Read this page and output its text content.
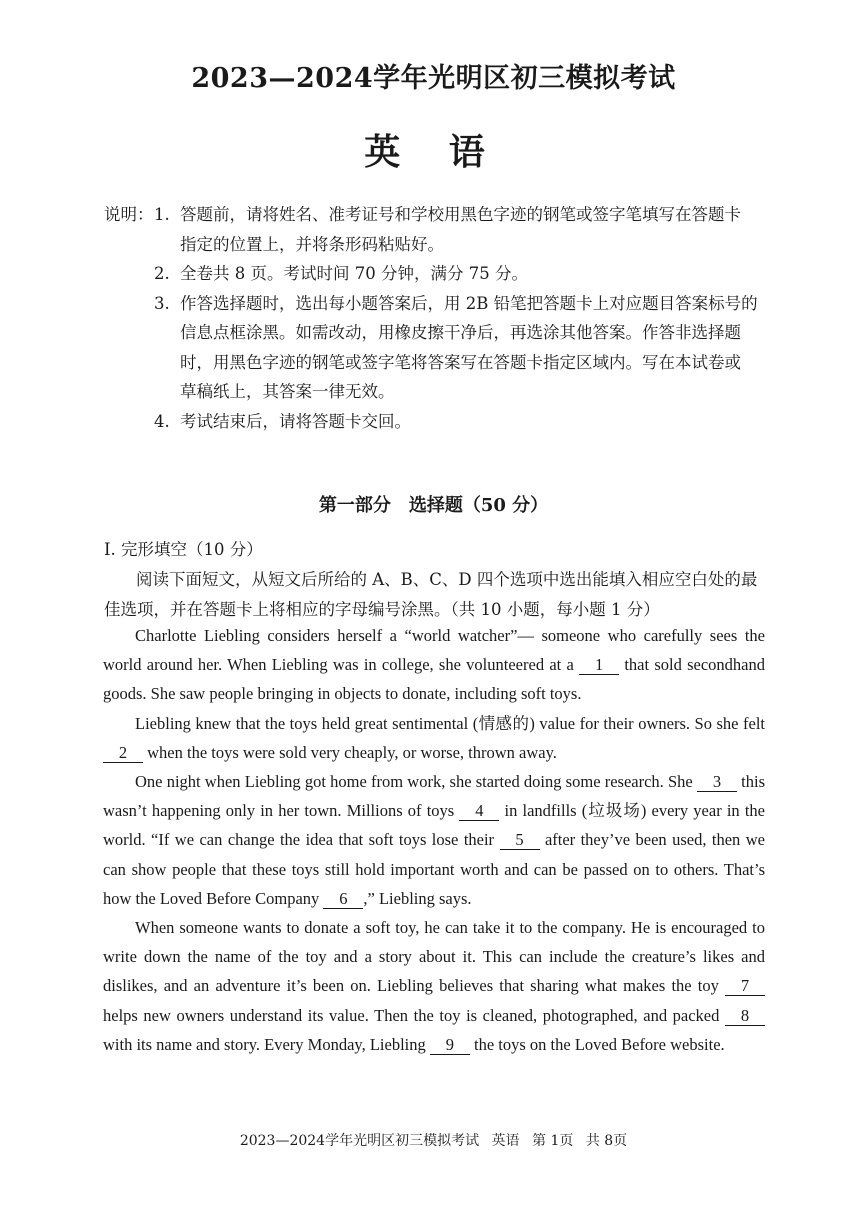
2023—2024学年光明区初三模拟考试
英 语
说明： 1. 答题前，请将姓名、准考证号和学校用黑色字迹的钢笔或签字笔填写在答题卡
指定的位置上，并将条形码粘贴好。
2. 全卷共 8 页。考试时间 70 分钟，满分 75 分。
3. 作答选择题时，选出每小题答案后，用 2B 铅笔把答题卡上对应题目答案标号的
信息点框涂黑。如需改动，用橡皮擦干净后，再选涂其他答案。作答非选择题
时，用黑色字迹的钢笔或签字笔将答案写在答题卡指定区域内。写在本试卷或
草稿纸上，其答案一律无效。
4. 考试结束后，请将答题卡交回。
第一部分　选择题（50 分）
I. 完形填空（10 分）
阅读下面短文，从短文后所给的 A、B、C、D 四个选项中选出能填入相应空白处的最佳选项，并在答题卡上将相应的字母编号涂黑。（共 10 小题，每小题 1 分）

Charlotte Liebling considers herself a “world watcher”— someone who carefully sees the world around her. When Liebling was in college, she volunteered at a 1 that sold secondhand goods. She saw people bringing in objects to donate, including soft toys.

Liebling knew that the toys held great sentimental (情感的) value for their owners. So she felt 2 when the toys were sold very cheaply, or worse, thrown away.

One night when Liebling got home from work, she started doing some research. She 3 this wasn’t happening only in her town. Millions of toys 4 in landfills (垃圾场) every year in the world. “If we can change the idea that soft toys lose their 5 after they’ve been used, then we can show people that these toys still hold important worth and can be passed on to others. That’s how the Loved Before Company 6 ,” Liebling says.

When someone wants to donate a soft toy, he can take it to the company. He is encouraged to write down the name of the toy and a story about it. This can include the creature’s likes and dislikes, and an adventure it’s been on. Liebling believes that sharing what makes the toy 7 helps new owners understand its value. Then the toy is cleaned, photographed, and packed 8 with its name and story. Every Monday, Liebling 9 the toys on the Loved Before website.

2023—2024学年光明区初三模拟考试 英语 第 1页 共 8页
